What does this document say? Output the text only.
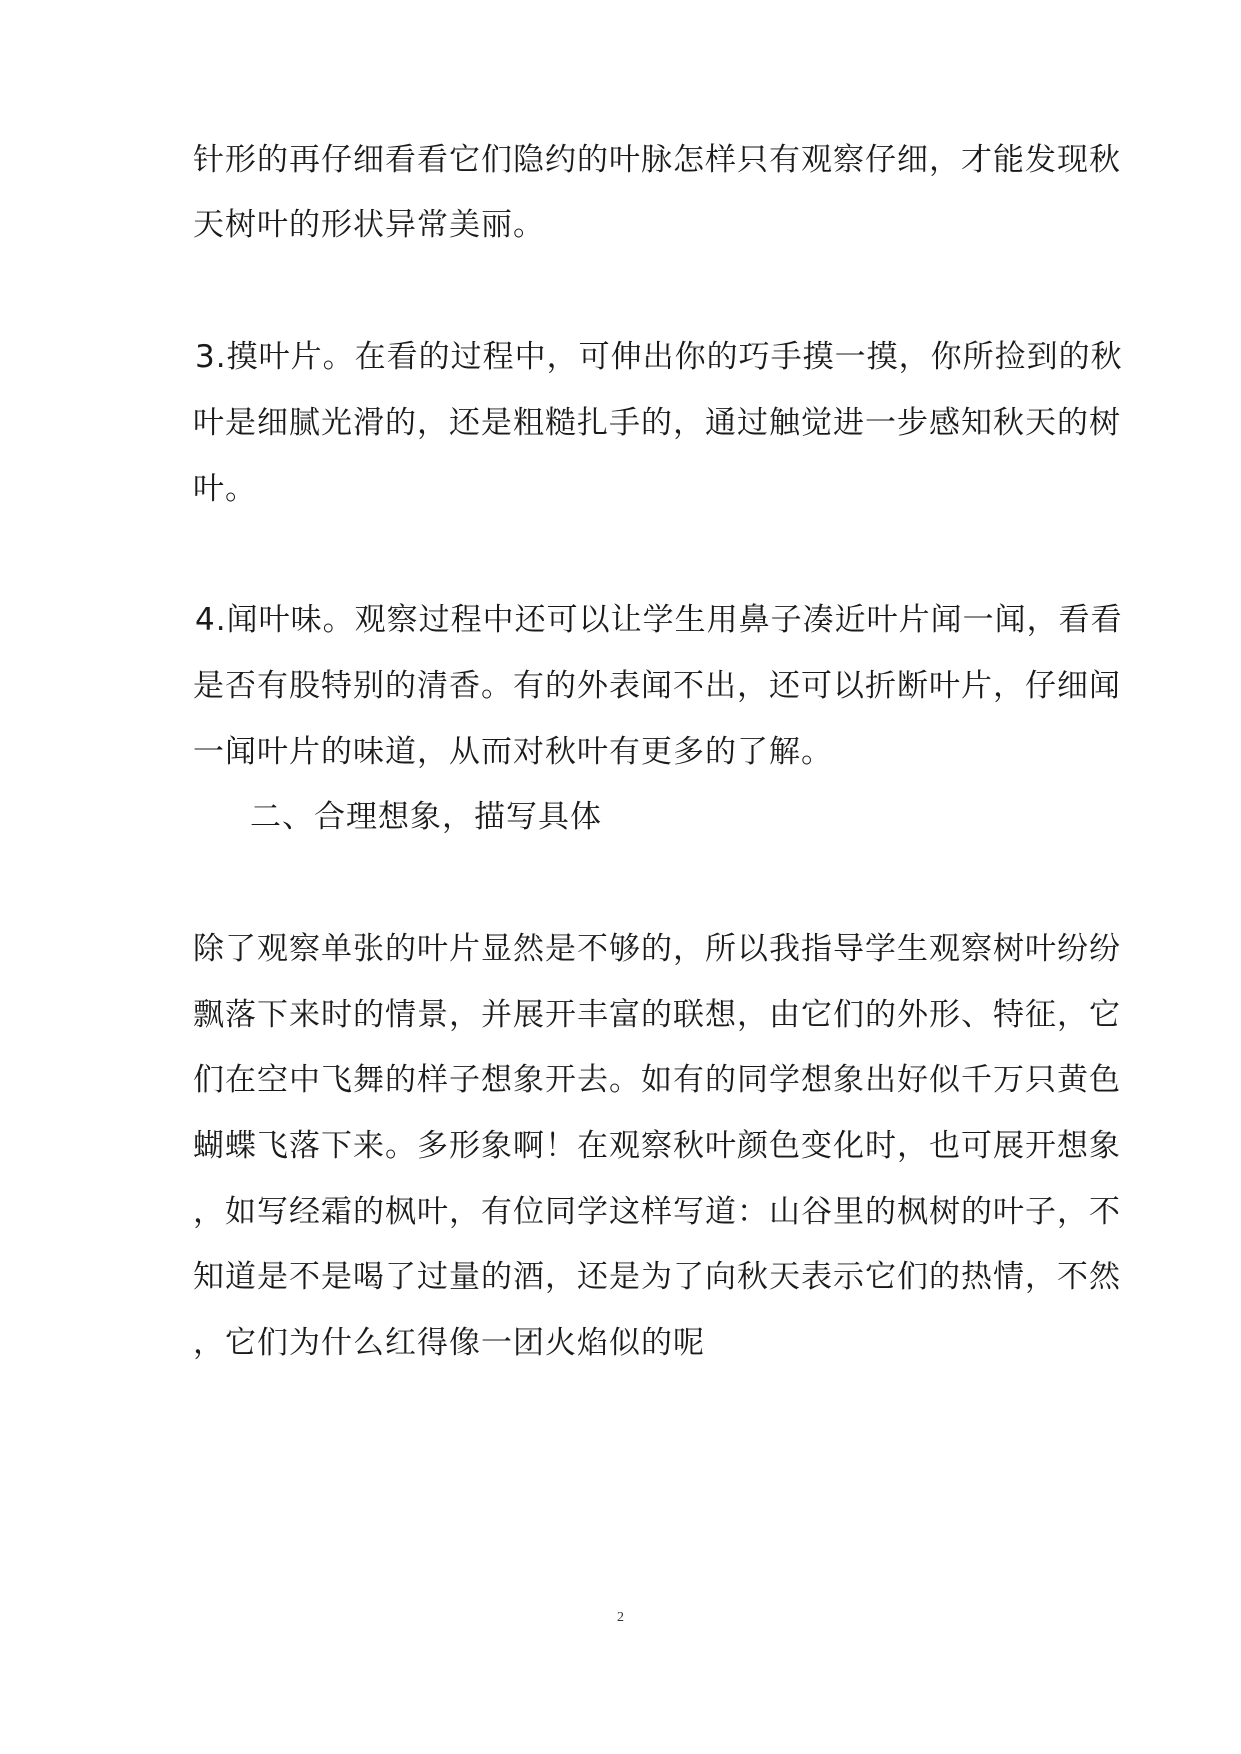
针形的再仔细看看它们隐约的叶脉怎样只有观察仔细，才能发现秋
天树叶的形状异常美丽。
3.摸叶片。在看的过程中，可伸出你的巧手摸一摸，你所捡到的秋
叶是细腻光滑的，还是粗糙扎手的，通过触觉进一步感知秋天的树
叶。
4.闻叶味。观察过程中还可以让学生用鼻子凑近叶片闻一闻，看看
是否有股特别的清香。有的外表闻不出，还可以折断叶片，仔细闻
一闻叶片的味道，从而对秋叶有更多的了解。
二、合理想象，描写具体
除了观察单张的叶片显然是不够的，所以我指导学生观察树叶纷纷
飘落下来时的情景，并展开丰富的联想，由它们的外形、特征，它
们在空中飞舞的样子想象开去。如有的同学想象出好似千万只黄色
蝴蝶飞落下来。多形象啊！在观察秋叶颜色变化时，也可展开想象
，如写经霜的枫叶，有位同学这样写道：山谷里的枫树的叶子，不
知道是不是喝了过量的酒，还是为了向秋天表示它们的热情，不然
，它们为什么红得像一团火焰似的呢
2
